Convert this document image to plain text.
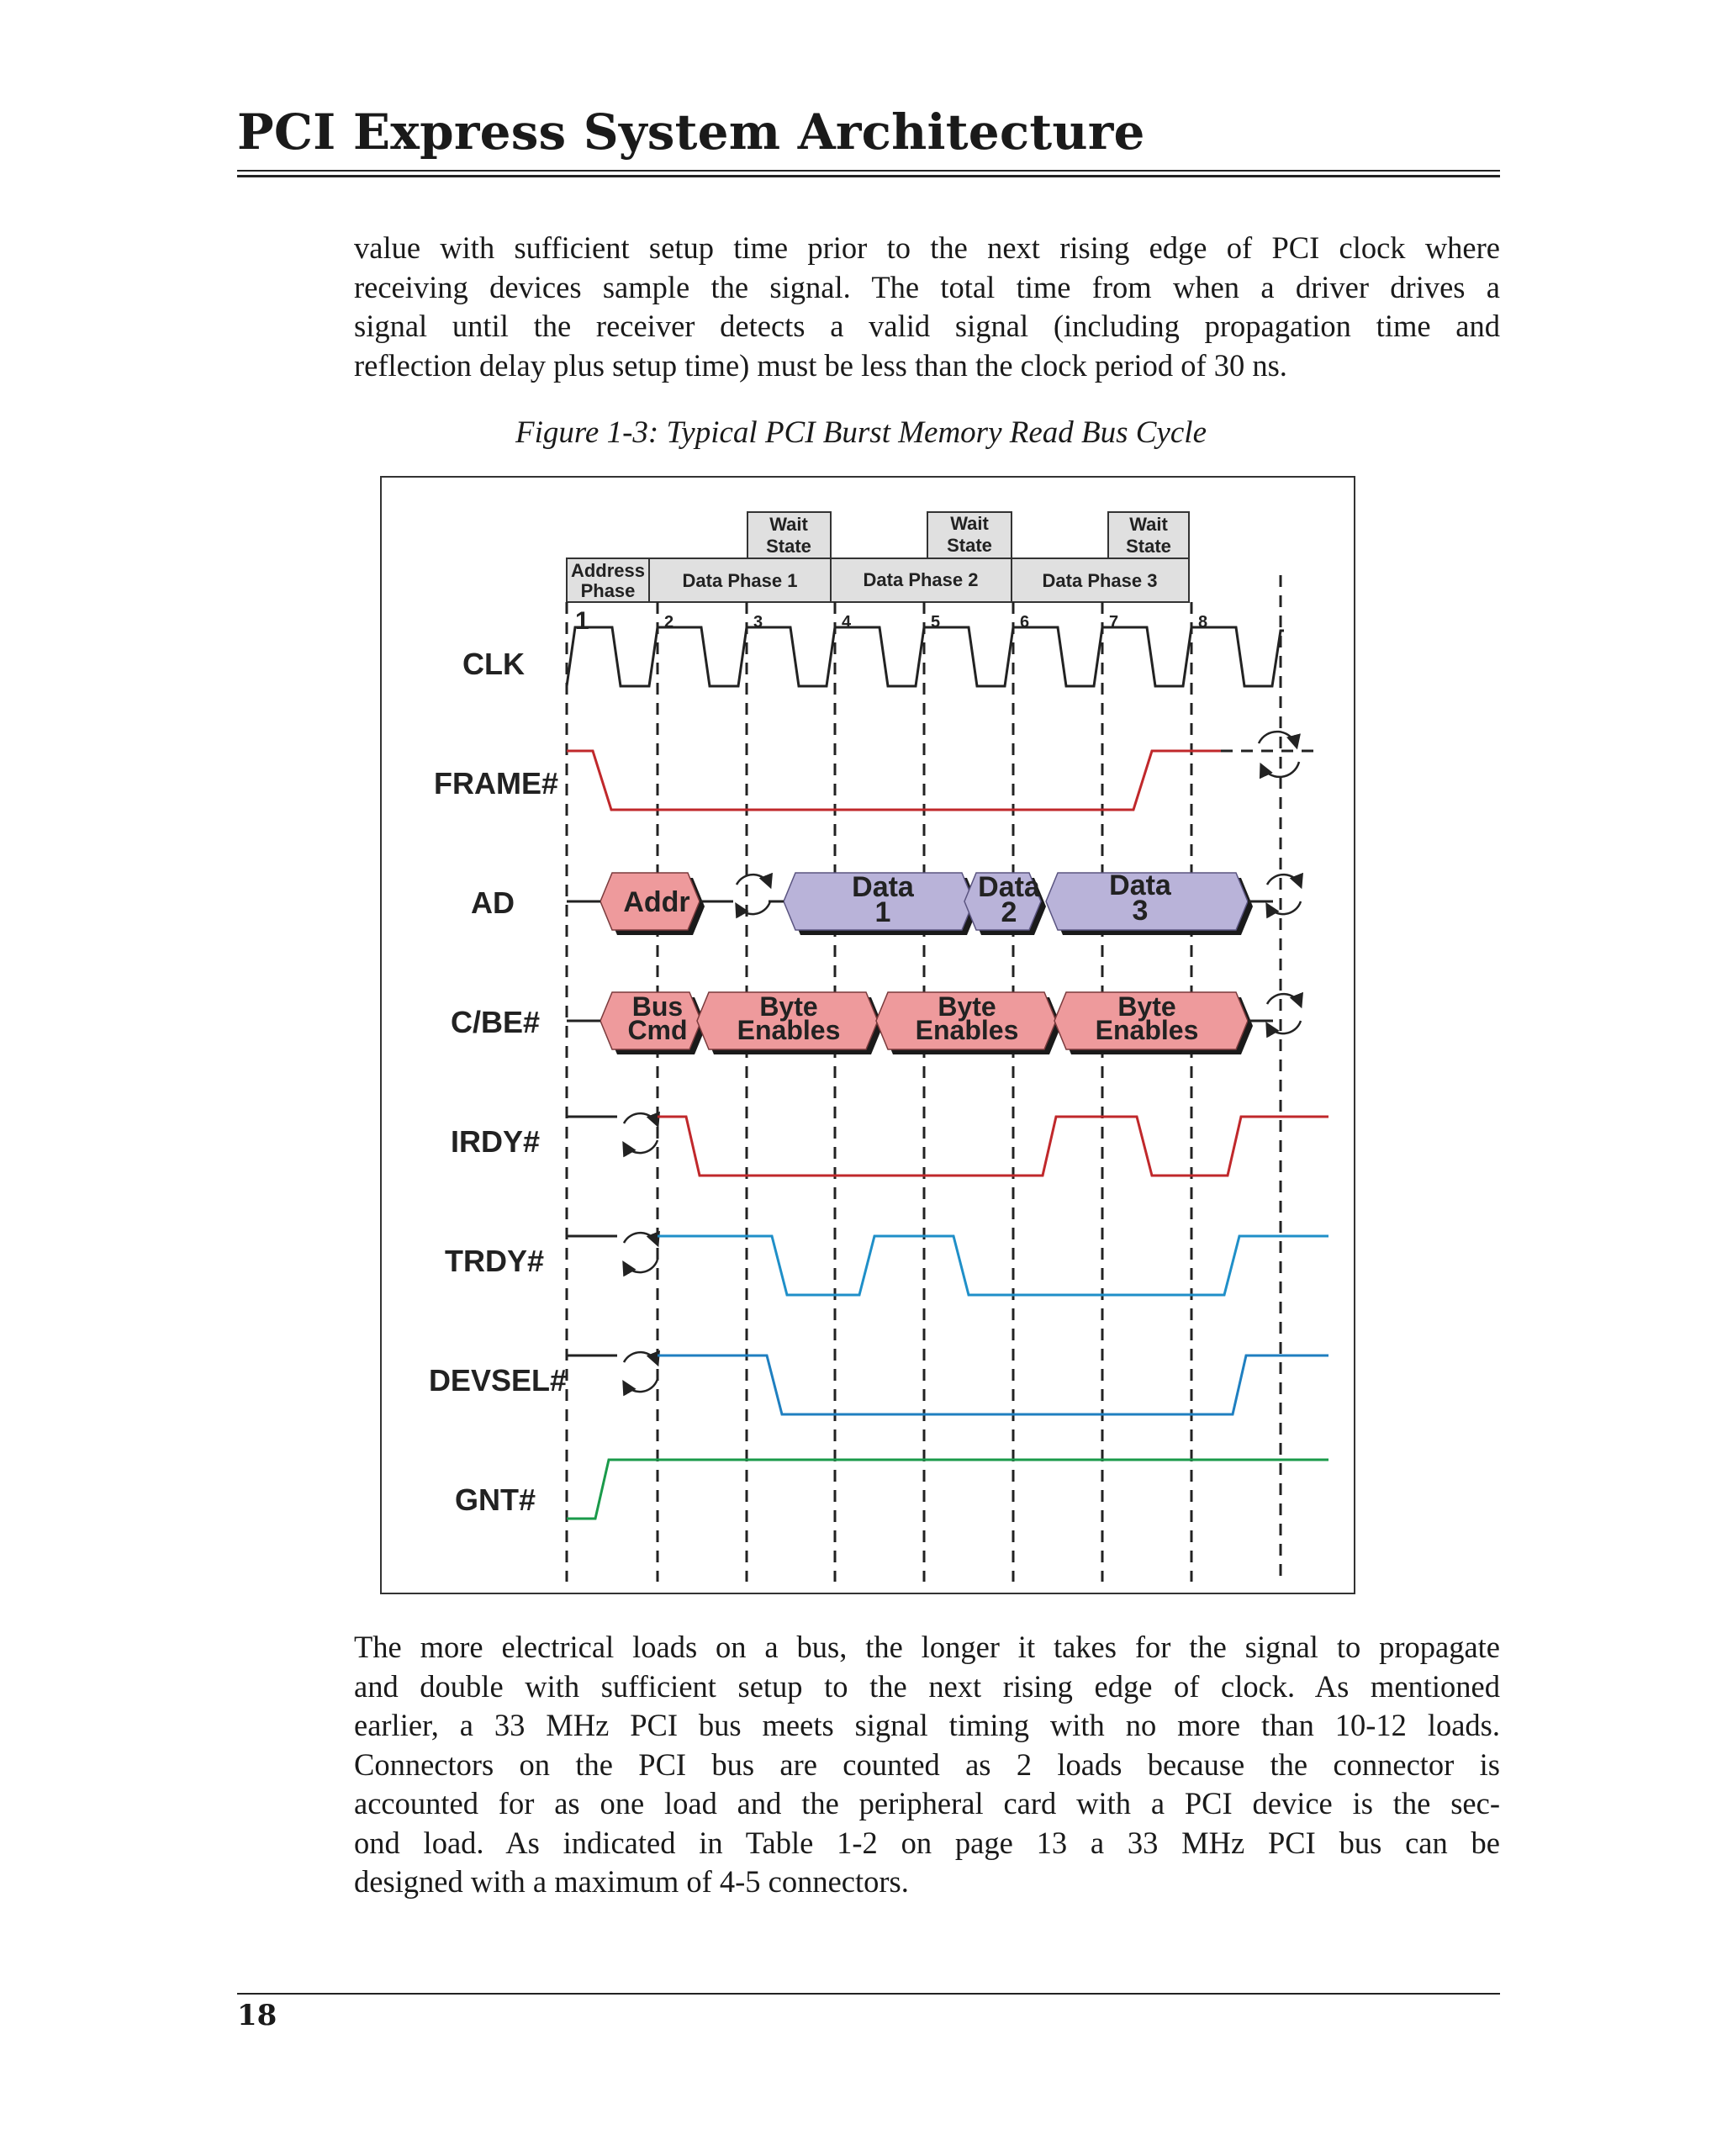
PCI Express System Architecture
value with sufficient setup time prior to the next rising edge of PCI clock where
receiving devices sample the signal. The total time from when a driver drives a
signal until the receiver detects a valid signal (including propagation time and
reflection delay plus setup time) must be less than the clock period of 30 ns.
Figure 1-3: Typical PCI Burst Memory Read Bus Cycle
Address
Phase	Data Phase 1	Data Phase 2	Data Phase 3
Wait
State
Wait
State
Wait
State
1	2	3	4	5	6	7	8
CLK
FRAME#
AD
C/BE#
IRDY#
TRDY#
DEVSEL#
GNT#
Addr	Data
1
Data
2
Data
3
Bus
Cmd
Byte
Enables
Byte
Enables
Byte
Enables
The more electrical loads on a bus, the longer it takes for the signal to propagate
and double with sufficient setup to the next rising edge of clock. As mentioned
earlier, a 33 MHz PCI bus meets signal timing with no more than 10-12 loads.
Connectors on the PCI bus are counted as 2 loads because the connector is
accounted for as one load and the peripheral card with a PCI device is the sec-
ond load. As indicated in Table 1-2 on page 13 a 33 MHz PCI bus can be
designed with a maximum of 4-5 connectors.

18
